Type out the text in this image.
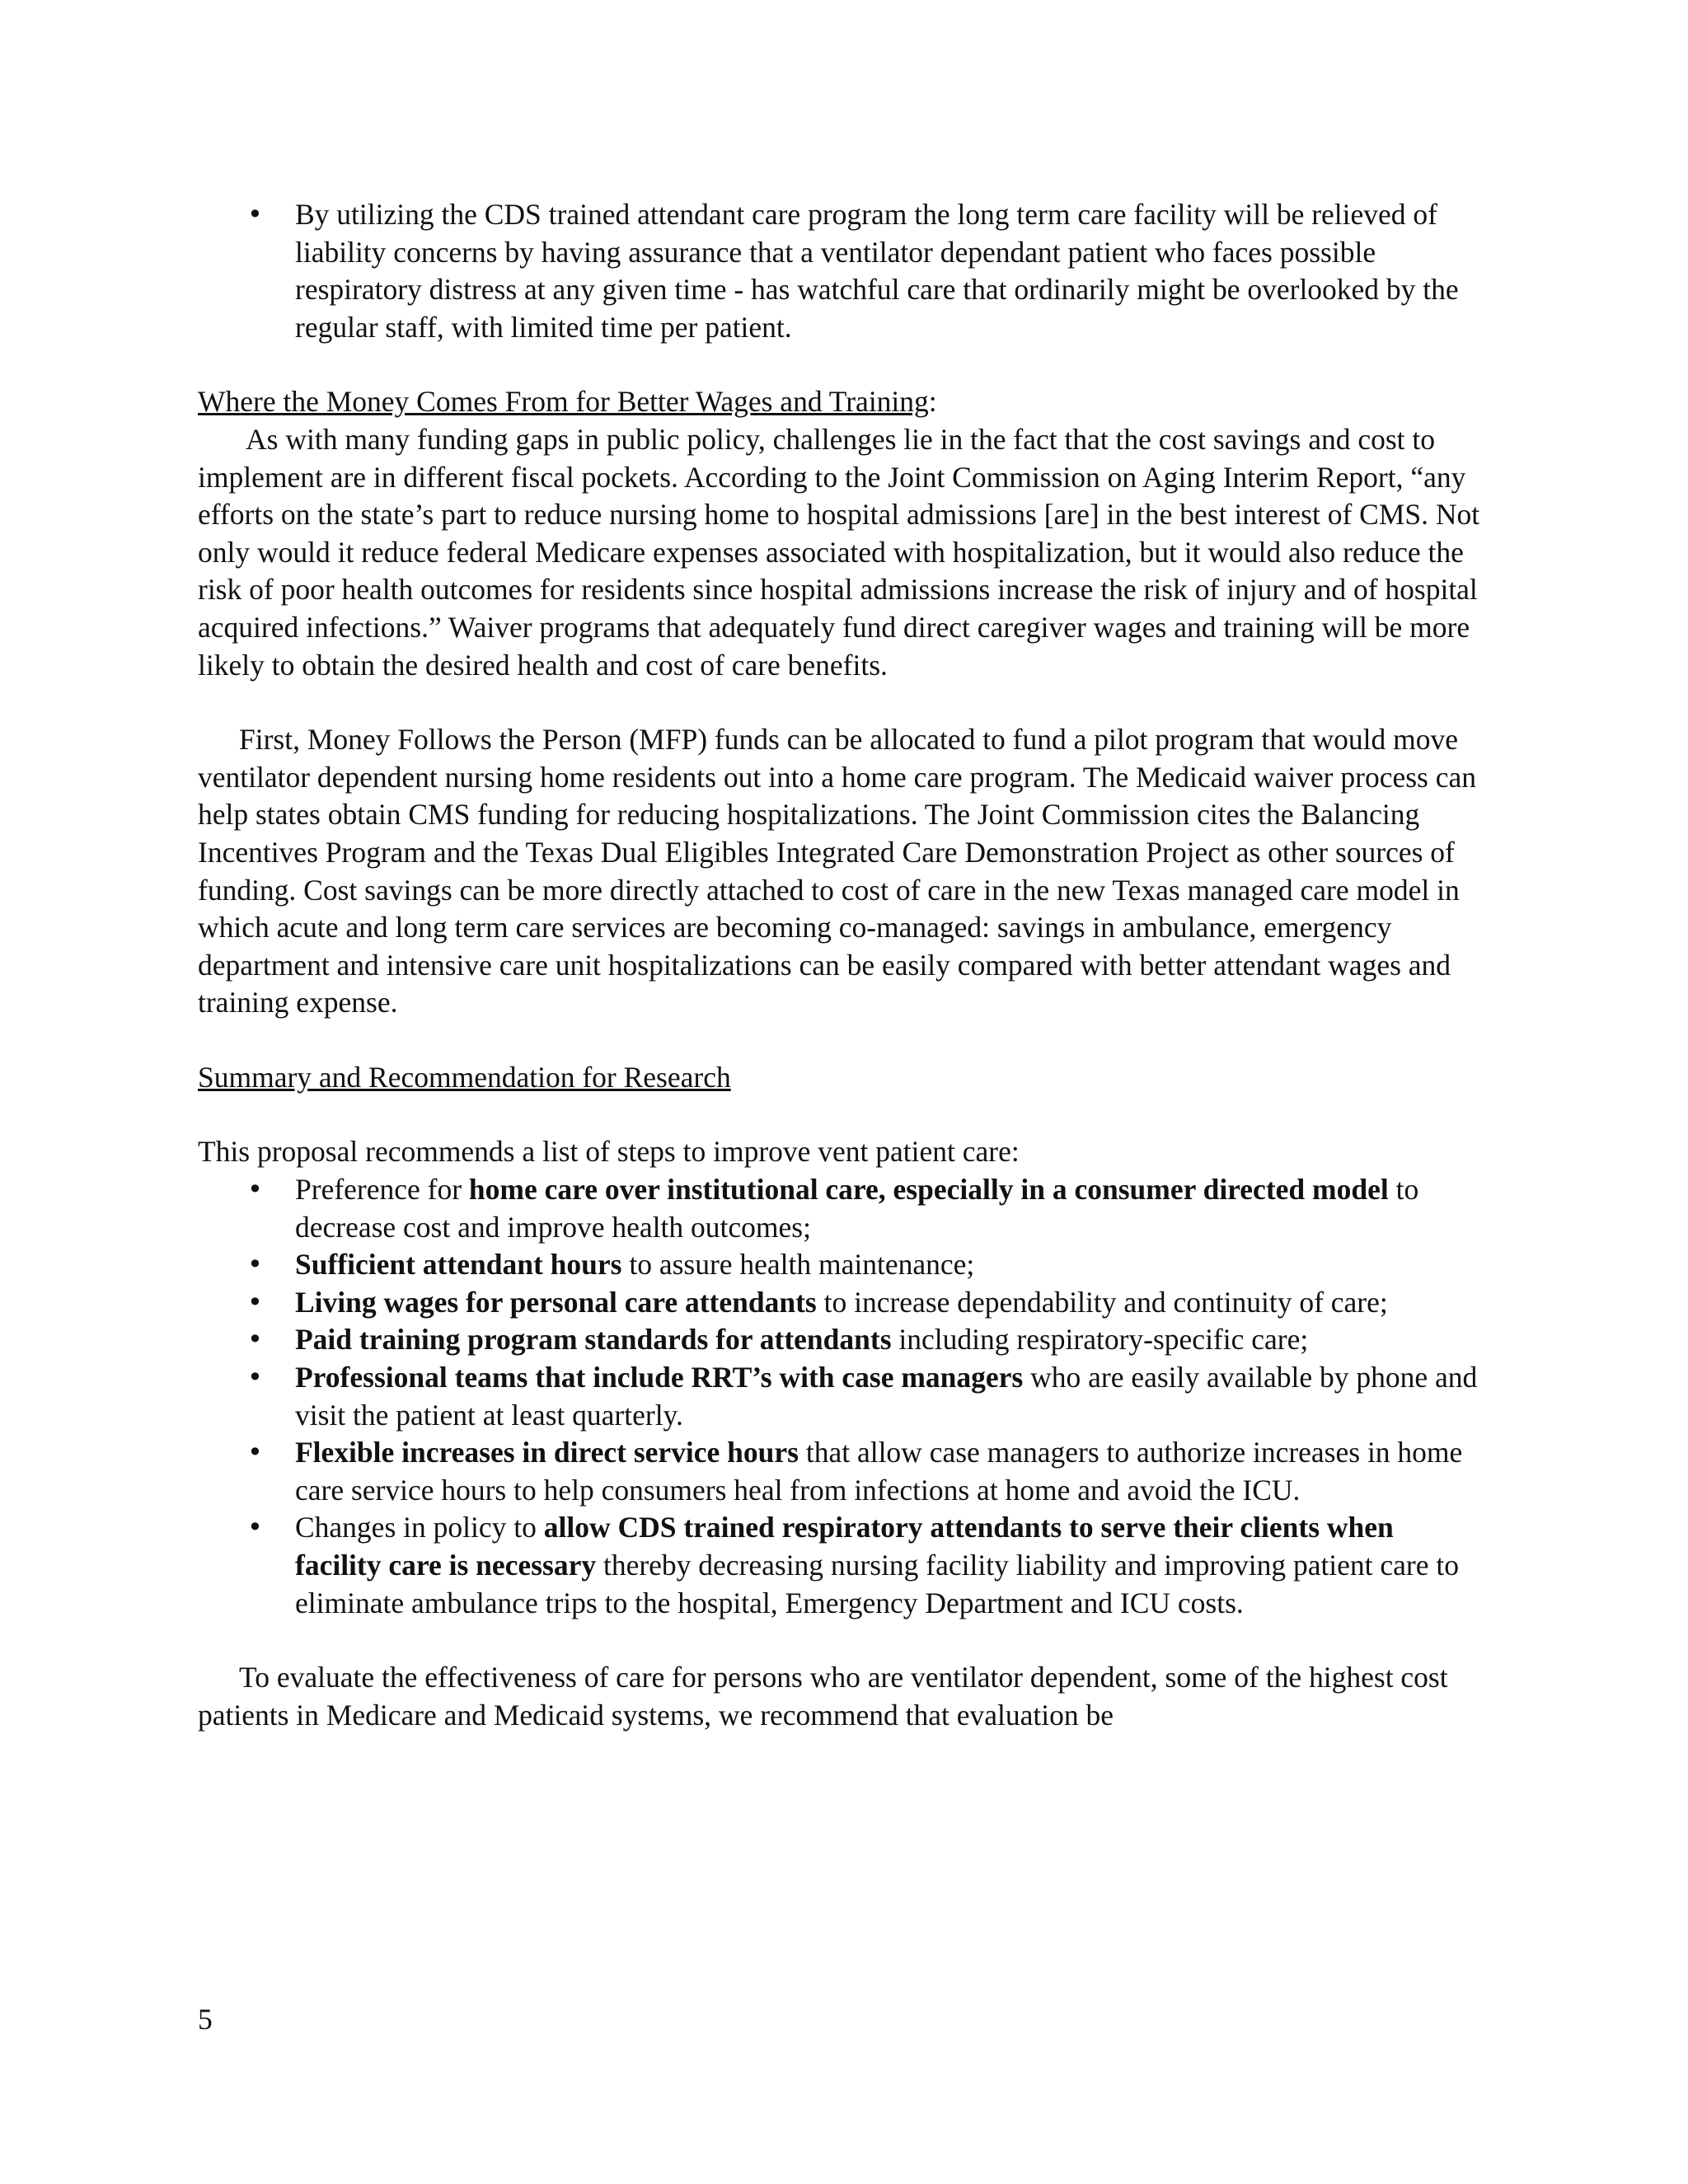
• By utilizing the CDS trained attendant care program the long term care facility will be relieved of liability concerns by having assurance that a ventilator dependant patient who faces possible respiratory distress at any given time - has watchful care that ordinarily might be overlooked by the regular staff, with limited time per patient.

Where the Money Comes From for Better Wages and Training:

As with many funding gaps in public policy, challenges lie in the fact that the cost savings and cost to implement are in different fiscal pockets. According to the Joint Commission on Aging Interim Report, “any efforts on the state’s part to reduce nursing home to hospital admissions [are] in the best interest of CMS. Not only would it reduce federal Medicare expenses associated with hospitalization, but it would also reduce the risk of poor health outcomes for residents since hospital admissions increase the risk of injury and of hospital acquired infections.” Waiver programs that adequately fund direct caregiver wages and training will be more likely to obtain the desired health and cost of care benefits.

First, Money Follows the Person (MFP) funds can be allocated to fund a pilot program that would move ventilator dependent nursing home residents out into a home care program. The Medicaid waiver process can help states obtain CMS funding for reducing hospitalizations. The Joint Commission cites the Balancing Incentives Program and the Texas Dual Eligibles Integrated Care Demonstration Project as other sources of funding. Cost savings can be more directly attached to cost of care in the new Texas managed care model in which acute and long term care services are becoming co-managed: savings in ambulance, emergency department and intensive care unit hospitalizations can be easily compared with better attendant wages and training expense.

Summary and Recommendation for Research

This proposal recommends a list of steps to improve vent patient care:

• Preference for home care over institutional care, especially in a consumer directed model to decrease cost and improve health outcomes;
• Sufficient attendant hours to assure health maintenance;
• Living wages for personal care attendants to increase dependability and continuity of care;
• Paid training program standards for attendants including respiratory-specific care;
• Professional teams that include RRT’s with case managers who are easily available by phone and visit the patient at least quarterly.
• Flexible increases in direct service hours that allow case managers to authorize increases in home care service hours to help consumers heal from infections at home and avoid the ICU.
• Changes in policy to allow CDS trained respiratory attendants to serve their clients when facility care is necessary thereby decreasing nursing facility liability and improving patient care to eliminate ambulance trips to the hospital, Emergency Department and ICU costs.

To evaluate the effectiveness of care for persons who are ventilator dependent, some of the highest cost patients in Medicare and Medicaid systems, we recommend that evaluation be

5
